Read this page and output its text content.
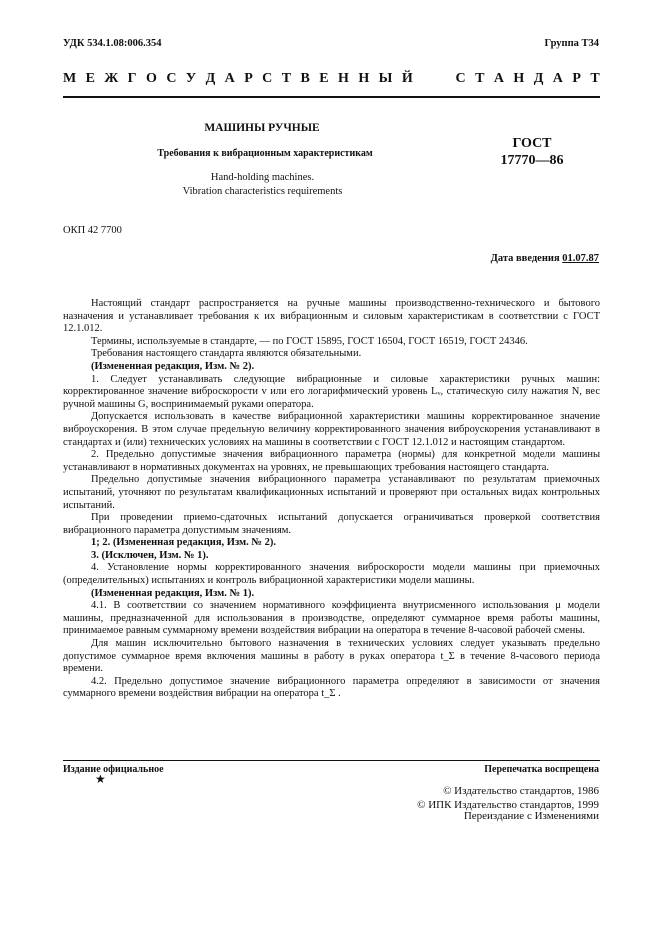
УДК 534.1.08:006.354	Группа Т34
М Е Ж Г О С У Д А Р С Т В Е Н Н Ы Й	С Т А Н Д А Р Т
МАШИНЫ РУЧНЫЕ
Требования к вибрационным характеристикам
Hand-holding machines.
Vibration characteristics requirements
ГОСТ
17770—86
ОКП 42 7700
Дата введения 01.07.87

Настоящий стандарт распространяется на ручные машины производственно-технического и бытового назначения и устанавливает требования к их вибрационным и силовым характеристикам в соответствии с ГОСТ 12.1.012.

Термины, используемые в стандарте, — по ГОСТ 15895, ГОСТ 16504, ГОСТ 16519, ГОСТ 24346.

Требования настоящего стандарта являются обязательными.

(Измененная редакция, Изм. № 2).

1. Следует устанавливать следующие вибрационные и силовые характеристики ручных машин: корректированное значение виброскорости v или его логарифмический уровень Lᵥ, статическую силу нажатия N, вес ручной машины G, воспринимаемый руками оператора.

Допускается использовать в качестве вибрационной характеристики машины корректированное значение виброускорения. В этом случае предельную величину корректированного значения виброускорения устанавливают в стандартах и (или) технических условиях на машины в соответствии с ГОСТ 12.1.012 и настоящим стандартом.

2. Предельно допустимые значения вибрационного параметра (нормы) для конкретной модели машины устанавливают в нормативных документах на уровнях, не превышающих требования настоящего стандарта.

Предельно допустимые значения вибрационного параметра устанавливают по результатам приемочных испытаний, уточняют по результатам квалификационных испытаний и проверяют при остальных видах контрольных испытаний.

При проведении приемо-сдаточных испытаний допускается ограничиваться проверкой соответствия вибрационного параметра допустимым значениям.

1; 2. (Измененная редакция, Изм. № 2).

3. (Исключен, Изм. № 1).

4. Установление нормы корректированного значения виброскорости модели машины при приемочных (определительных) испытаниях и контроль вибрационной характеристики модели машины.

(Измененная редакция, Изм. № 1).

4.1. В соответствии со значением нормативного коэффициента внутрисменного использования μ модели машины, предназначенной для использования в производстве, определяют суммарное время работы машины, принимаемое равным суммарному времени воздействия вибрации на оператора в течение 8-часовой рабочей смены.

Для машин исключительно бытового назначения в технических условиях следует указывать предельно допустимое суммарное время включения машины в работу в руках оператора t_Σ в течение 8-часового периода времени.

4.2. Предельно допустимое значение вибрационного параметра определяют в зависимости от значения суммарного времени воздействия вибрации на оператора t_Σ .

Издание официальное	Перепечатка воспрещена
★
© Издательство стандартов, 1986
© ИПК Издательство стандартов, 1999
Переиздание с Изменениями
